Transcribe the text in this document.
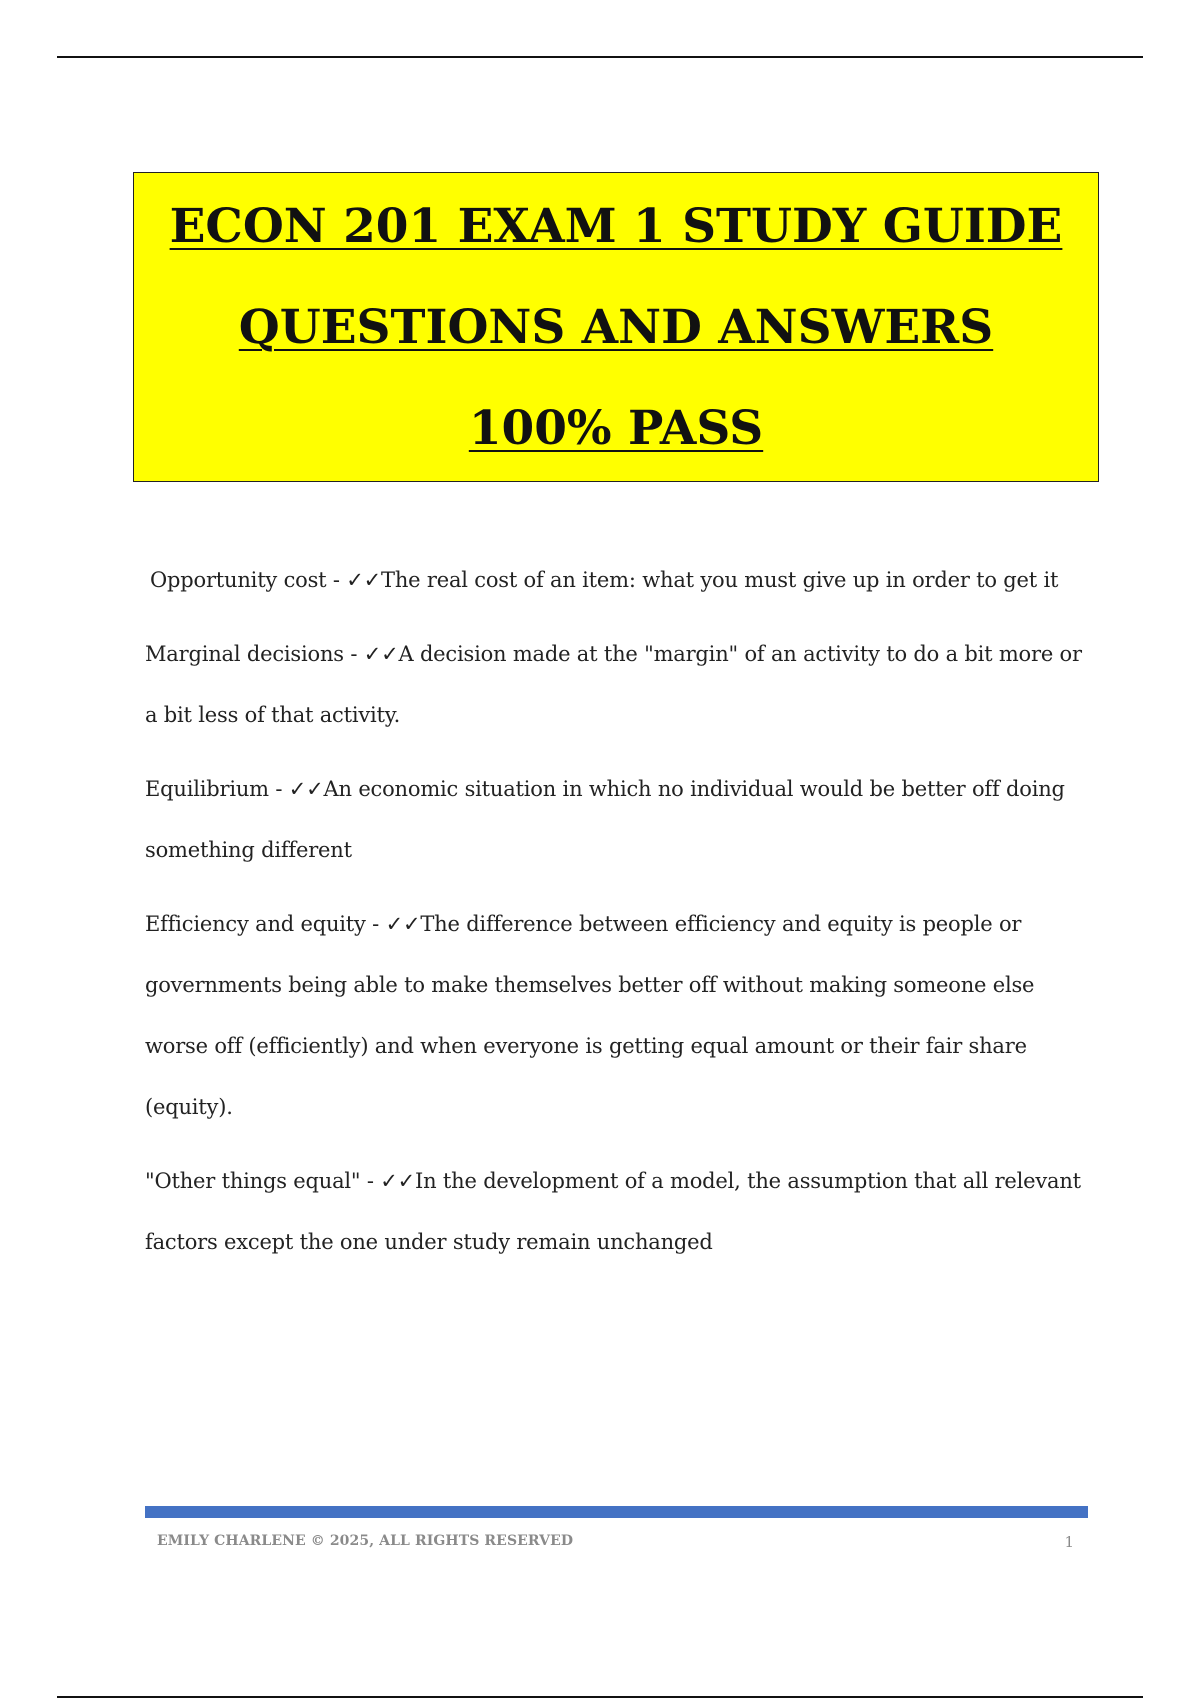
ECON 201 EXAM 1 STUDY GUIDE
QUESTIONS AND ANSWERS
100% PASS

Opportunity cost - ✓✓The real cost of an item: what you must give up in order to get it

Marginal decisions - ✓✓A decision made at the "margin" of an activity to do a bit more or a bit less of that activity.

Equilibrium - ✓✓An economic situation in which no individual would be better off doing something different

Efficiency and equity - ✓✓The difference between efficiency and equity is people or governments being able to make themselves better off without making someone else worse off (efficiently) and when everyone is getting equal amount or their fair share (equity).

"Other things equal" - ✓✓In the development of a model, the assumption that all relevant factors except the one under study remain unchanged

EMILY CHARLENE © 2025, ALL RIGHTS RESERVED	1
